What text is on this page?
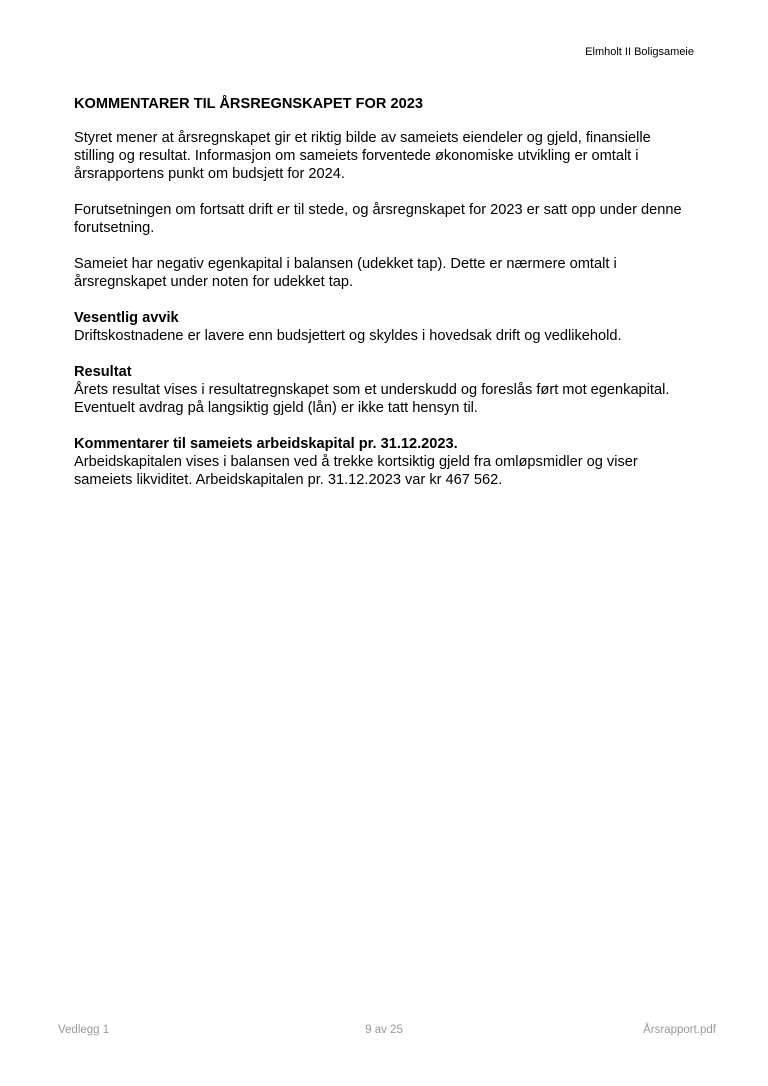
Elmholt II Boligsameie
KOMMENTARER TIL ÅRSREGNSKAPET FOR 2023

Styret mener at årsregnskapet gir et riktig bilde av sameiets eiendeler og gjeld, finansielle stilling og resultat. Informasjon om sameiets forventede økonomiske utvikling er omtalt i årsrapportens punkt om budsjett for 2024.

Forutsetningen om fortsatt drift er til stede, og årsregnskapet for 2023 er satt opp under denne forutsetning.

Sameiet har negativ egenkapital i balansen (udekket tap). Dette er nærmere omtalt i årsregnskapet under noten for udekket tap.

Vesentlig avvik

Driftskostnadene er lavere enn budsjettert og skyldes i hovedsak drift og vedlikehold.

Resultat

Årets resultat vises i resultatregnskapet som et underskudd og foreslås ført mot egenkapital. Eventuelt avdrag på langsiktig gjeld (lån) er ikke tatt hensyn til.

Kommentarer til sameiets arbeidskapital pr. 31.12.2023.

Arbeidskapitalen vises i balansen ved å trekke kortsiktig gjeld fra omløpsmidler og viser sameiets likviditet. Arbeidskapitalen pr. 31.12.2023 var kr 467 562.

Vedlegg 1	9 av 25	Årsrapport.pdf
